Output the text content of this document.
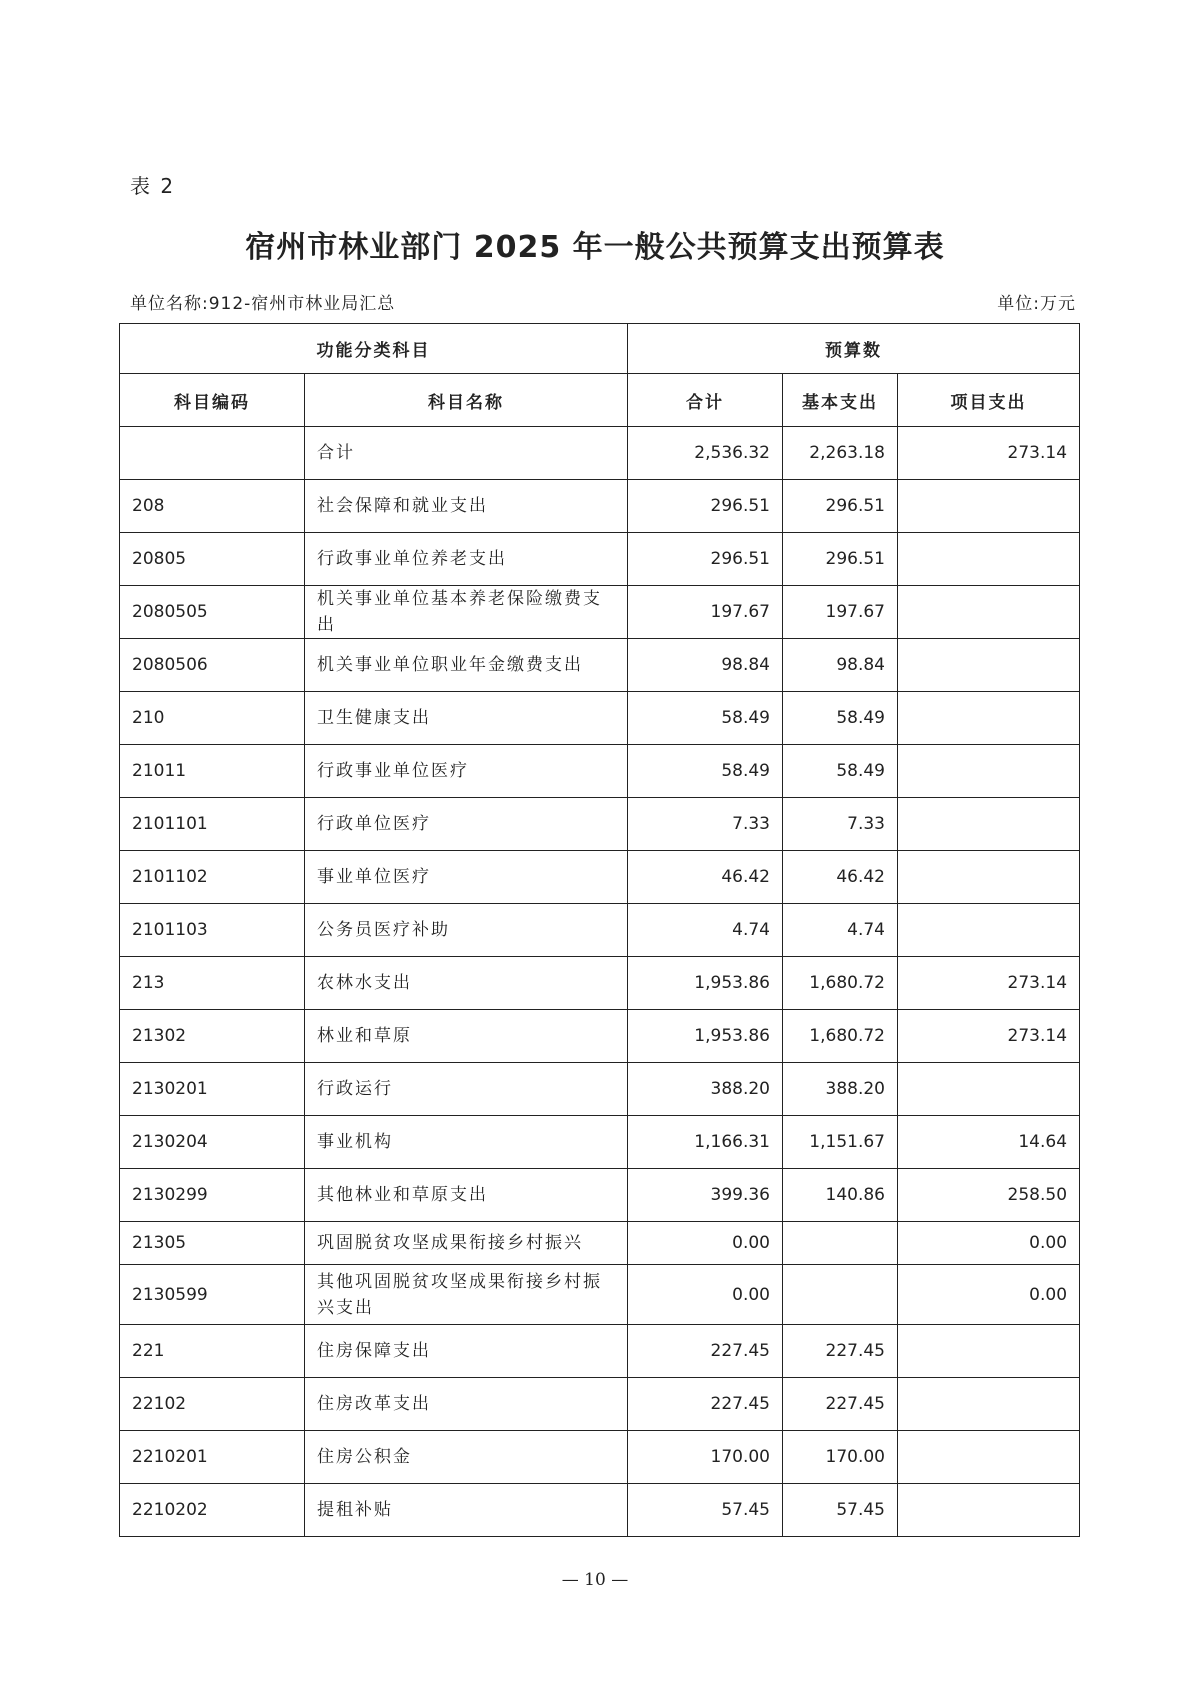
表 2
宿州市林业部门 2025 年一般公共预算支出预算表
单位名称:912-宿州市林业局汇总	单位:万元
功能分类科目		预算数		
科目编码	科目名称	合计	基本支出	项目支出
	合计	2,536.32	2,263.18	273.14
208	社会保障和就业支出	296.51	296.51	
20805	行政事业单位养老支出	296.51	296.51	
2080505	机关事业单位基本养老保险缴费支出	197.67	197.67	
2080506	机关事业单位职业年金缴费支出	98.84	98.84	
210	卫生健康支出	58.49	58.49	
21011	行政事业单位医疗	58.49	58.49	
2101101	行政单位医疗	7.33	7.33	
2101102	事业单位医疗	46.42	46.42	
2101103	公务员医疗补助	4.74	4.74	
213	农林水支出	1,953.86	1,680.72	273.14
21302	林业和草原	1,953.86	1,680.72	273.14
2130201	行政运行	388.20	388.20	
2130204	事业机构	1,166.31	1,151.67	14.64
2130299	其他林业和草原支出	399.36	140.86	258.50
21305	巩固脱贫攻坚成果衔接乡村振兴	0.00		0.00
2130599	其他巩固脱贫攻坚成果衔接乡村振兴支出	0.00		0.00
221	住房保障支出	227.45	227.45	
22102	住房改革支出	227.45	227.45	
2210201	住房公积金	170.00	170.00	
2210202	提租补贴	57.45	57.45	
— 10 —
